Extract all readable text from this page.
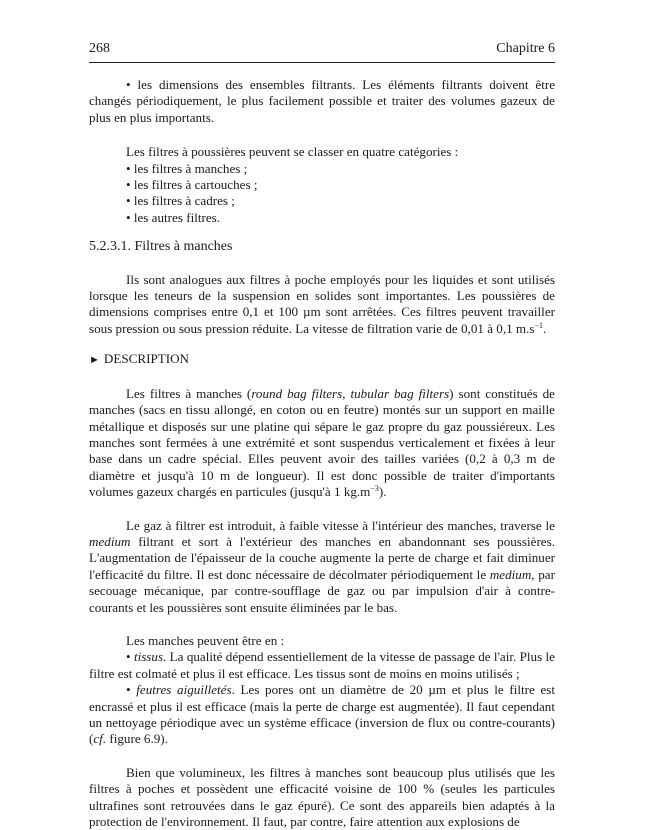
268	Chapitre 6

• les dimensions des ensembles filtrants. Les éléments filtrants doivent être changés périodiquement, le plus facilement possible et traiter des volumes gazeux de plus en plus importants.

Les filtres à poussières peuvent se classer en quatre catégories :

• les filtres à manches ;

• les filtres à cartouches ;

• les filtres à cadres ;

• les autres filtres.

5.2.3.1. Filtres à manches

Ils sont analogues aux filtres à poche employés pour les liquides et sont utilisés lorsque les teneurs de la suspension en solides sont importantes. Les poussières de dimensions comprises entre 0,1 et 100 µm sont arrêtées. Ces filtres peuvent travailler sous pression ou sous pression réduite. La vitesse de filtration varie de 0,01 à 0,1 $m.s^{-1}$.

► DESCRIPTION

Les filtres à manches (round bag filters, tubular bag filters) sont constitués de manches (sacs en tissu allongé, en coton ou en feutre) montés sur un support en maille métallique et disposés sur une platine qui sépare le gaz propre du gaz poussiéreux. Les manches sont fermées à une extrémité et sont suspendus verticalement et fixées à leur base dans un cadre spécial. Elles peuvent avoir des tailles variées (0,2 à 0,3 m de diamètre et jusqu'à 10 m de longueur). Il est donc possible de traiter d'importants volumes gazeux chargés en particules (jusqu'à 1 $kg.m^{-3}$).

Le gaz à filtrer est introduit, à faible vitesse à l'intérieur des manches, traverse le medium filtrant et sort à l'extérieur des manches en abandonnant ses poussières. L'augmentation de l'épaisseur de la couche augmente la perte de charge et fait diminuer l'efficacité du filtre. Il est donc nécessaire de décolmater périodiquement le medium, par secouage mécanique, par contre-soufflage de gaz ou par impulsion d'air à contre-courants et les poussières sont ensuite éliminées par le bas.

Les manches peuvent être en :

• tissus. La qualité dépend essentiellement de la vitesse de passage de l'air. Plus le filtre est colmaté et plus il est efficace. Les tissus sont de moins en moins utilisés ;

• feutres aiguilletés. Les pores ont un diamètre de 20 µm et plus le filtre est encrassé et plus il est efficace (mais la perte de charge est augmentée). Il faut cependant un nettoyage périodique avec un système efficace (inversion de flux ou contre-courants) (cf. figure 6.9).

Bien que volumineux, les filtres à manches sont beaucoup plus utilisés que les filtres à poches et possèdent une efficacité voisine de 100 % (seules les particules ultrafines sont retrouvées dans le gaz épuré). Ce sont des appareils bien adaptés à la protection de l'environnement. Il faut, par contre, faire attention aux explosions de
